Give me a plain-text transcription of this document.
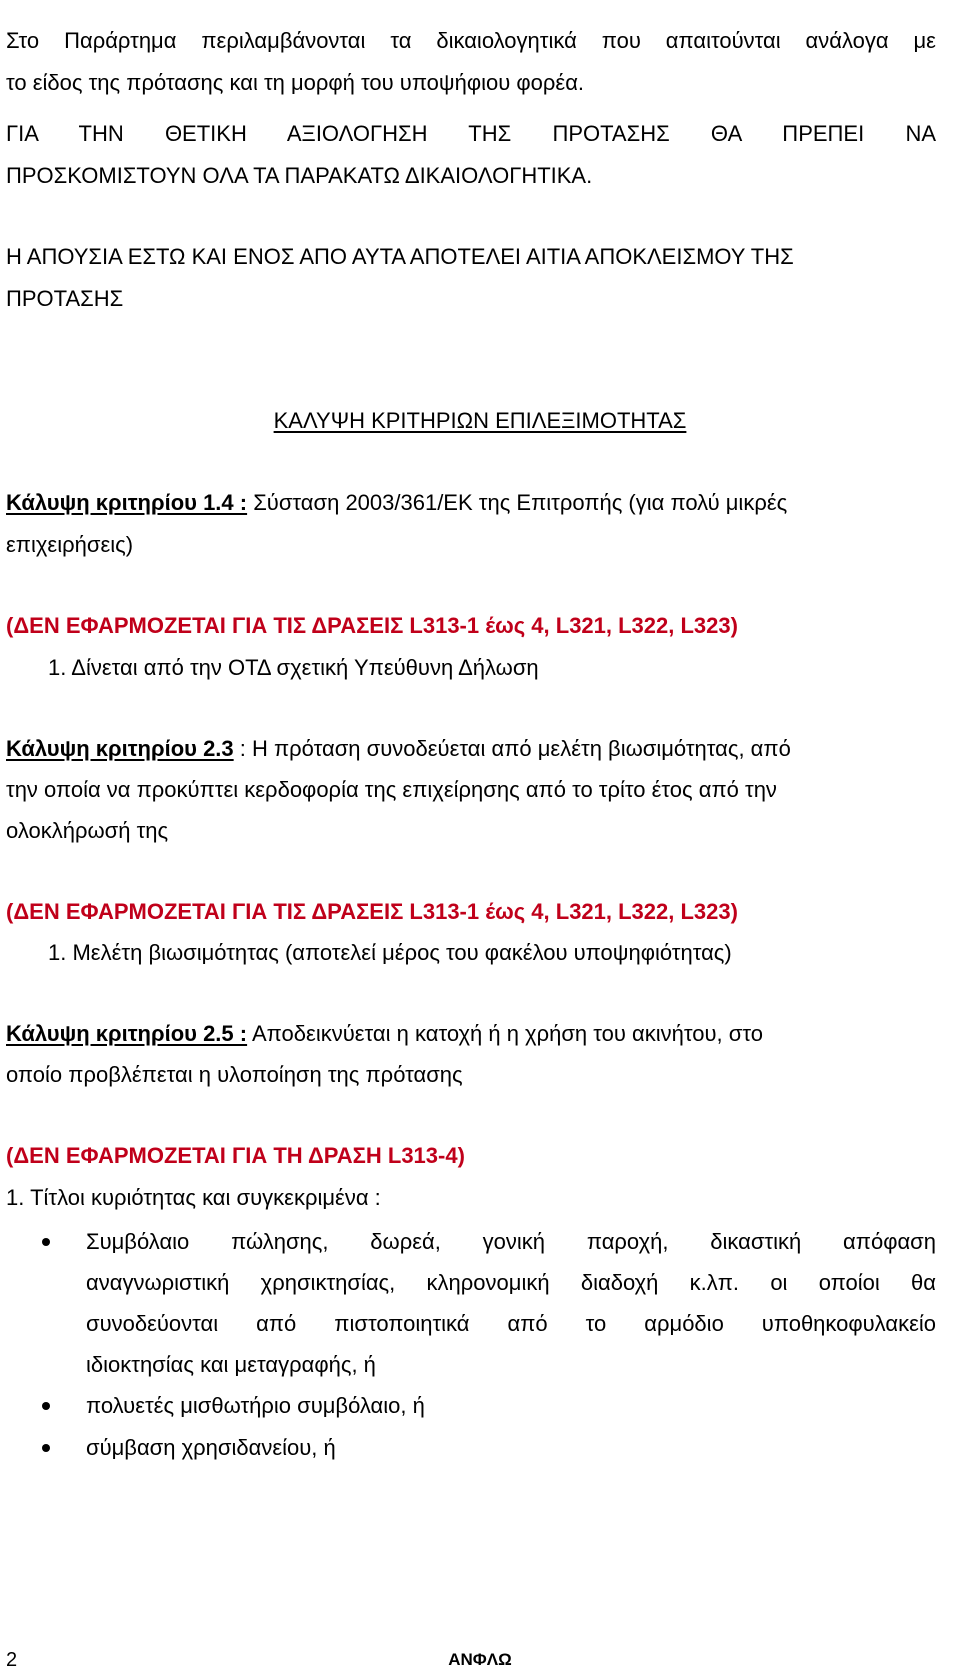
Στο Παράρτημα περιλαμβάνονται τα δικαιολογητικά που απαιτούνται ανάλογα με
το είδος της πρότασης και τη μορφή του υποψήφιου φορέα.
ΓΙΑ ΤΗΝ ΘΕΤΙΚΗ ΑΞΙΟΛΟΓΗΣΗ ΤΗΣ ΠΡΟΤΑΣΗΣ ΘΑ ΠΡΕΠΕΙ ΝΑ
ΠΡΟΣΚΟΜΙΣΤΟΥΝ ΟΛΑ ΤΑ ΠΑΡΑΚΑΤΩ ΔΙΚΑΙΟΛΟΓΗΤΙΚΑ.
Η ΑΠΟΥΣΙΑ ΕΣΤΩ ΚΑΙ ΕΝΟΣ ΑΠΟ ΑΥΤΑ ΑΠΟΤΕΛΕΙ ΑΙΤΙΑ ΑΠΟΚΛΕΙΣΜΟΥ ΤΗΣ
ΠΡΟΤΑΣΗΣ
ΚΑΛΥΨΗ ΚΡΙΤΗΡΙΩΝ ΕΠΙΛΕΞΙΜΟΤΗΤΑΣ
Κάλυψη κριτηρίου 1.4 : Σύσταση 2003/361/ΕΚ της Επιτροπής (για πολύ μικρές
επιχειρήσεις)
(ΔΕΝ ΕΦΑΡΜΟΖΕΤΑΙ ΓΙΑ ΤΙΣ ΔΡΑΣΕΙΣ L313-1 έως 4, L321, L322, L323)
1. Δίνεται από την ΟΤΔ σχετική Υπεύθυνη Δήλωση
Κάλυψη κριτηρίου 2.3 : Η πρόταση συνοδεύεται από μελέτη βιωσιμότητας, από
την οποία να προκύπτει κερδοφορία της επιχείρησης από το τρίτο έτος από την
ολοκλήρωσή της
(ΔΕΝ ΕΦΑΡΜΟΖΕΤΑΙ ΓΙΑ ΤΙΣ ΔΡΑΣΕΙΣ L313-1 έως 4, L321, L322, L323)
1. Μελέτη βιωσιμότητας (αποτελεί μέρος του φακέλου υποψηφιότητας)
Κάλυψη κριτηρίου 2.5 : Αποδεικνύεται η κατοχή ή η χρήση του ακινήτου, στο
οποίο προβλέπεται η υλοποίηση της πρότασης
(ΔΕΝ ΕΦΑΡΜΟΖΕΤΑΙ ΓΙΑ ΤΗ ΔΡΑΣΗ L313-4)
1. Τίτλοι κυριότητας και συγκεκριμένα :
Συμβόλαιο πώλησης, δωρεά, γονική παροχή, δικαστική απόφαση
αναγνωριστική χρησικτησίας, κληρονομική διαδοχή κ.λπ. οι οποίοι θα
συνοδεύονται από πιστοποιητικά από το αρμόδιο υποθηκοφυλακείο
ιδιοκτησίας και μεταγραφής, ή
πολυετές μισθωτήριο συμβόλαιο, ή
σύμβαση χρησιδανείου, ή
2	ΑΝΦΛΩ
